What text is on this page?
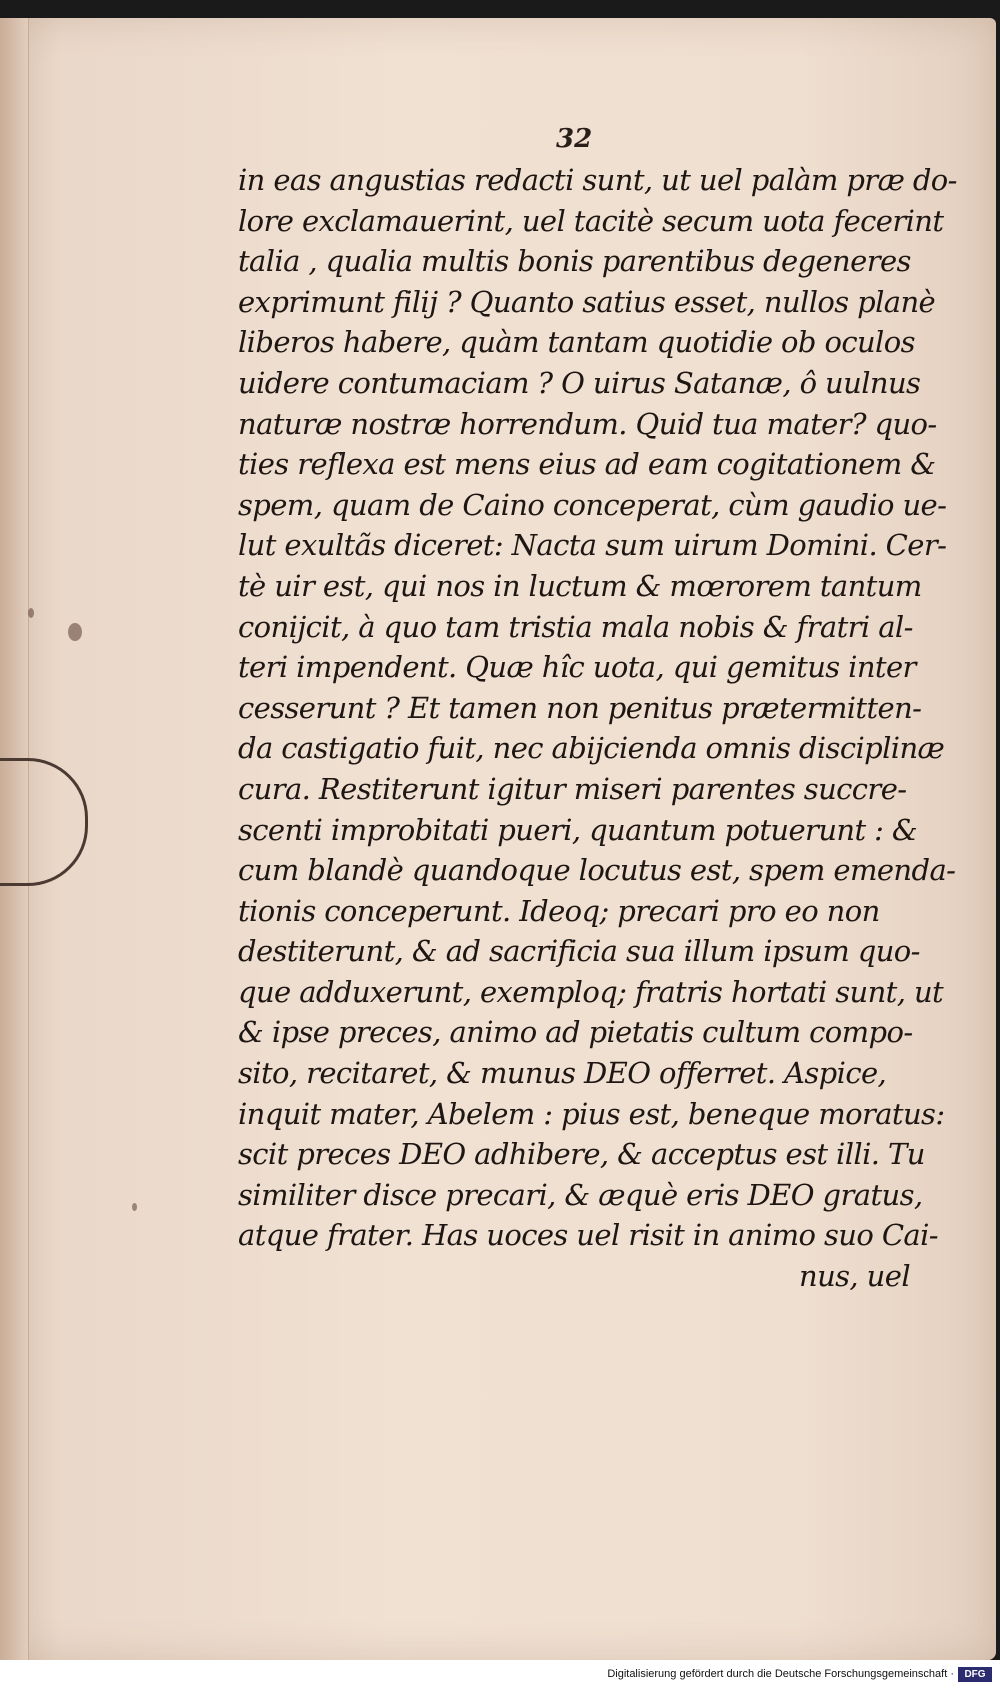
32
in eas angustias redacti sunt, ut uel palàm præ do-
lore exclamauerint, uel tacitè secum uota fecerint
talia , qualia multis bonis parentibus degeneres
exprimunt filij ? Quanto satius esset, nullos planè
liberos habere, quàm tantam quotidie ob oculos
uidere contumaciam ? O uirus Satanæ, ô uulnus
naturæ nostræ horrendum. Quid tua mater? quo-
ties reflexa est mens eius ad eam cogitationem &
spem, quam de Caino conceperat, cùm gaudio ue-
lut exultãs diceret: Nacta sum uirum Domini. Cer-
tè uir est, qui nos in luctum & mœrorem tantum
conijcit, à quo tam tristia mala nobis & fratri al-
teri impendent. Quæ hîc uota, qui gemitus inter
cesserunt ? Et tamen non penitus prætermitten-
da castigatio fuit, nec abijcienda omnis disciplinæ
cura. Restiterunt igitur miseri parentes succre-
scenti improbitati pueri, quantum potuerunt : &
cum blandè quandoque locutus est, spem emenda-
tionis conceperunt. Ideoq; precari pro eo non
destiterunt, & ad sacrificia sua illum ipsum quo-
que adduxerunt, exemploq; fratris hortati sunt, ut
& ipse preces, animo ad pietatis cultum compo-
sito, recitaret, & munus DEO offerret. Aspice,
inquit mater, Abelem : pius est, beneque moratus:
scit preces DEO adhibere, & acceptus est illi. Tu
similiter disce precari, & æquè eris DEO gratus,
atque frater. Has uoces uel risit in animo suo Cai-
nus, uel
Digitalisierung gefördert durch die Deutsche Forschungsgemeinschaft ·	DFG
